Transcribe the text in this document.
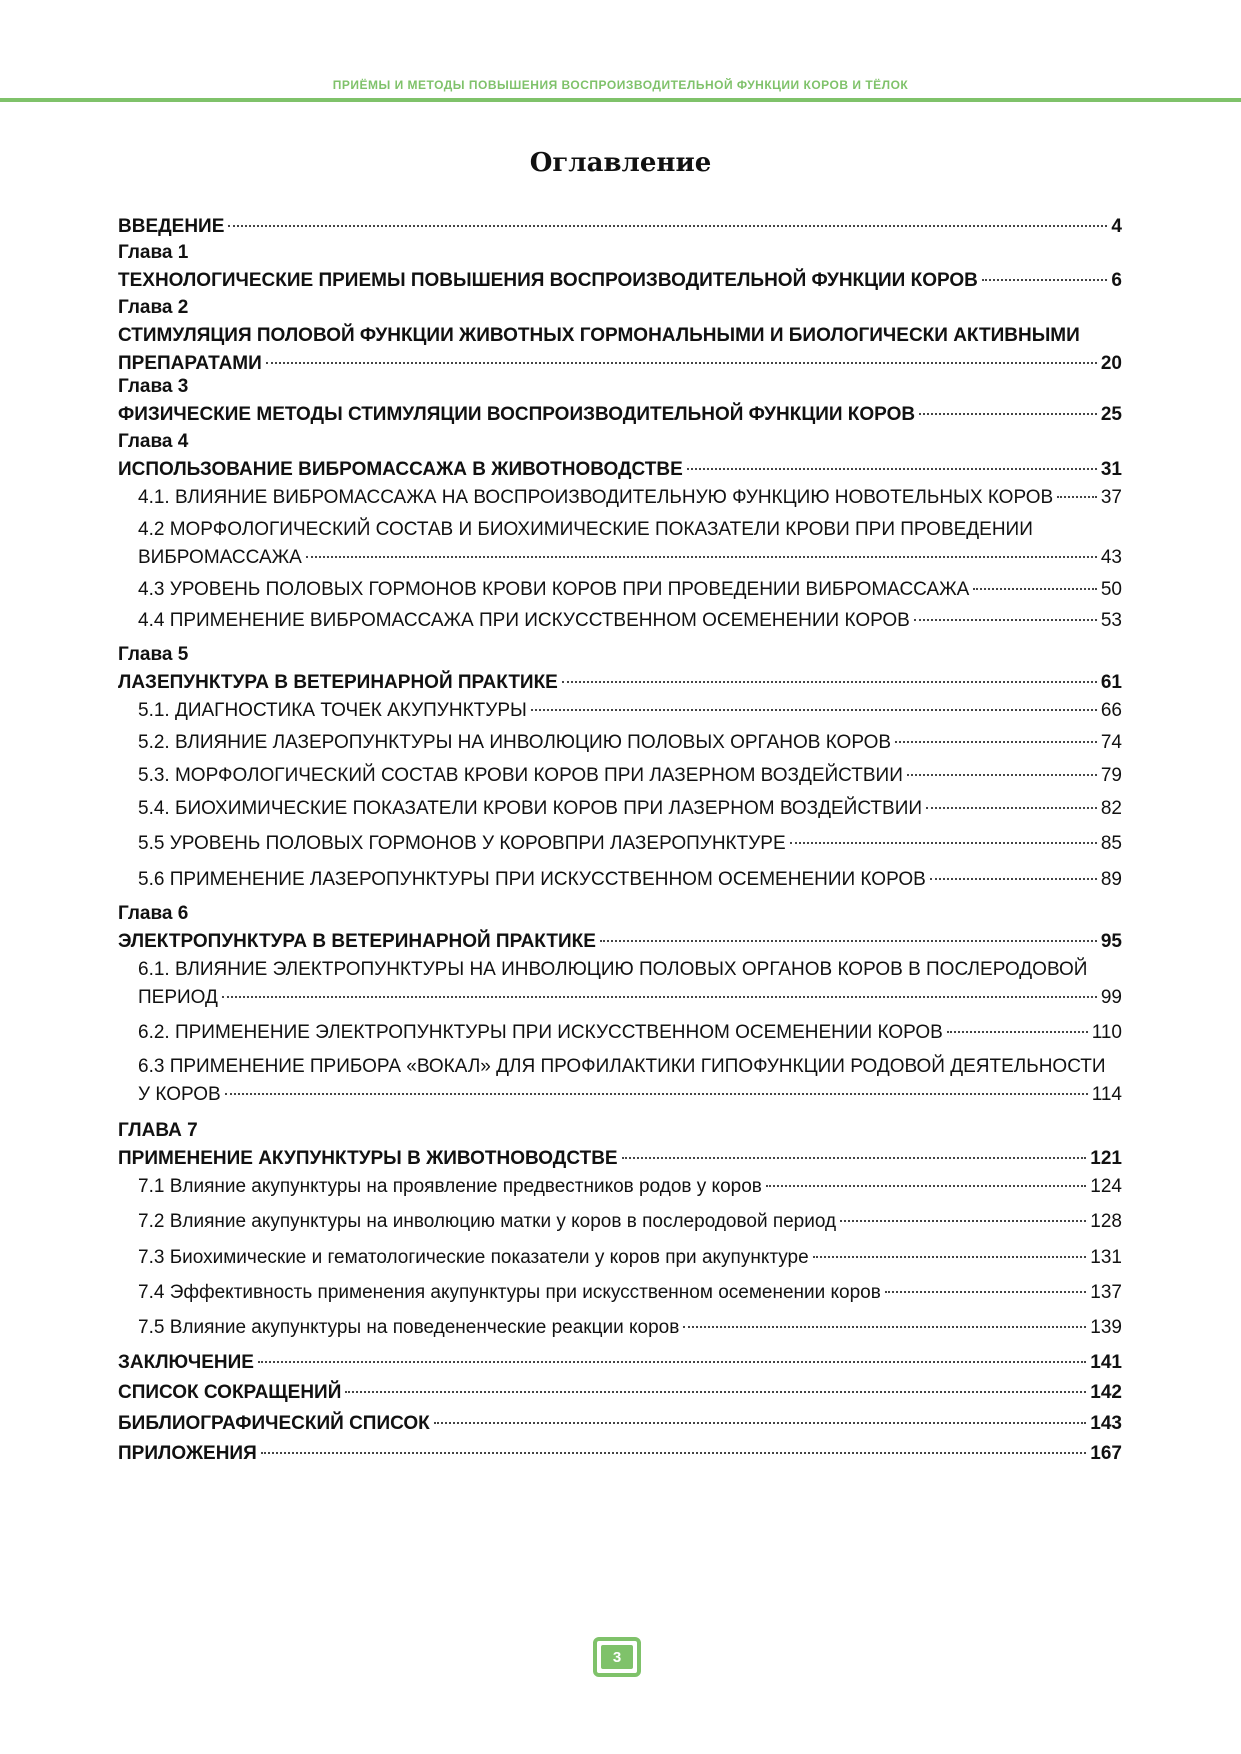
ПРИЁМЫ И МЕТОДЫ ПОВЫШЕНИЯ ВОСПРОИЗВОДИТЕЛЬНОЙ ФУНКЦИИ КОРОВ И ТЁЛОК
Оглавление
ВВЕДЕНИЕ	4
Глава 1
ТЕХНОЛОГИЧЕСКИЕ ПРИЕМЫ ПОВЫШЕНИЯ ВОСПРОИЗВОДИТЕЛЬНОЙ ФУНКЦИИ КОРОВ	6
Глава 2
СТИМУЛЯЦИЯ ПОЛОВОЙ ФУНКЦИИ ЖИВОТНЫХ ГОРМОНАЛЬНЫМИ И БИОЛОГИЧЕСКИ АКТИВНЫМИ
ПРЕПАРАТАМИ	20
Глава 3
ФИЗИЧЕСКИЕ МЕТОДЫ СТИМУЛЯЦИИ ВОСПРОИЗВОДИТЕЛЬНОЙ ФУНКЦИИ КОРОВ	25
Глава 4
ИСПОЛЬЗОВАНИЕ ВИБРОМАССАЖА В ЖИВОТНОВОДСТВЕ	31
4.1. ВЛИЯНИЕ ВИБРОМАССАЖА НА ВОСПРОИЗВОДИТЕЛЬНУЮ ФУНКЦИЮ НОВОТЕЛЬНЫХ КОРОВ	37
4.2 МОРФОЛОГИЧЕСКИЙ СОСТАВ И БИОХИМИЧЕСКИЕ ПОКАЗАТЕЛИ КРОВИ ПРИ ПРОВЕДЕНИИ
ВИБРОМАССАЖА	43
4.3 УРОВЕНЬ ПОЛОВЫХ ГОРМОНОВ КРОВИ КОРОВ ПРИ ПРОВЕДЕНИИ ВИБРОМАССАЖА	50
4.4 ПРИМЕНЕНИЕ ВИБРОМАССАЖА ПРИ ИСКУССТВЕННОМ ОСЕМЕНЕНИИ КОРОВ	53
Глава 5
ЛАЗЕПУНКТУРА В ВЕТЕРИНАРНОЙ ПРАКТИКЕ	61
5.1. ДИАГНОСТИКА ТОЧЕК АКУПУНКТУРЫ	66
5.2. ВЛИЯНИЕ ЛАЗЕРОПУНКТУРЫ НА ИНВОЛЮЦИЮ ПОЛОВЫХ ОРГАНОВ КОРОВ	74
5.3. МОРФОЛОГИЧЕСКИЙ СОСТАВ КРОВИ КОРОВ ПРИ ЛАЗЕРНОМ ВОЗДЕЙСТВИИ	79
5.4. БИОХИМИЧЕСКИЕ ПОКАЗАТЕЛИ КРОВИ КОРОВ ПРИ ЛАЗЕРНОМ ВОЗДЕЙСТВИИ	82
5.5 УРОВЕНЬ ПОЛОВЫХ ГОРМОНОВ У КОРОВПРИ ЛАЗЕРОПУНКТУРЕ	85
5.6 ПРИМЕНЕНИЕ ЛАЗЕРОПУНКТУРЫ ПРИ ИСКУССТВЕННОМ ОСЕМЕНЕНИИ КОРОВ	89
Глава 6
ЭЛЕКТРОПУНКТУРА В ВЕТЕРИНАРНОЙ ПРАКТИКЕ	95
6.1. ВЛИЯНИЕ ЭЛЕКТРОПУНКТУРЫ НА ИНВОЛЮЦИЮ ПОЛОВЫХ ОРГАНОВ КОРОВ В ПОСЛЕРОДОВОЙ
ПЕРИОД	99
6.2. ПРИМЕНЕНИЕ ЭЛЕКТРОПУНКТУРЫ ПРИ ИСКУССТВЕННОМ ОСЕМЕНЕНИИ КОРОВ	110
6.3 ПРИМЕНЕНИЕ ПРИБОРА «ВОКАЛ» ДЛЯ ПРОФИЛАКТИКИ ГИПОФУНКЦИИ РОДОВОЙ ДЕЯТЕЛЬНОСТИ
У КОРОВ	114
ГЛАВА 7
ПРИМЕНЕНИЕ АКУПУНКТУРЫ В ЖИВОТНОВОДСТВЕ	121
7.1 Влияние акупунктуры на проявление предвестников родов у коров	124
7.2 Влияние акупунктуры на инволюцию матки у коров в послеродовой период	128
7.3 Биохимические и гематологические показатели у коров при акупунктуре	131
7.4 Эффективность применения акупунктуры при искусственном осеменении коров	137
7.5 Влияние акупунктуры на поведененческие реакции коров	139
ЗАКЛЮЧЕНИЕ	141
СПИСОК СОКРАЩЕНИЙ	142
БИБЛИОГРАФИЧЕСКИЙ СПИСОК	143
ПРИЛОЖЕНИЯ	167
3
